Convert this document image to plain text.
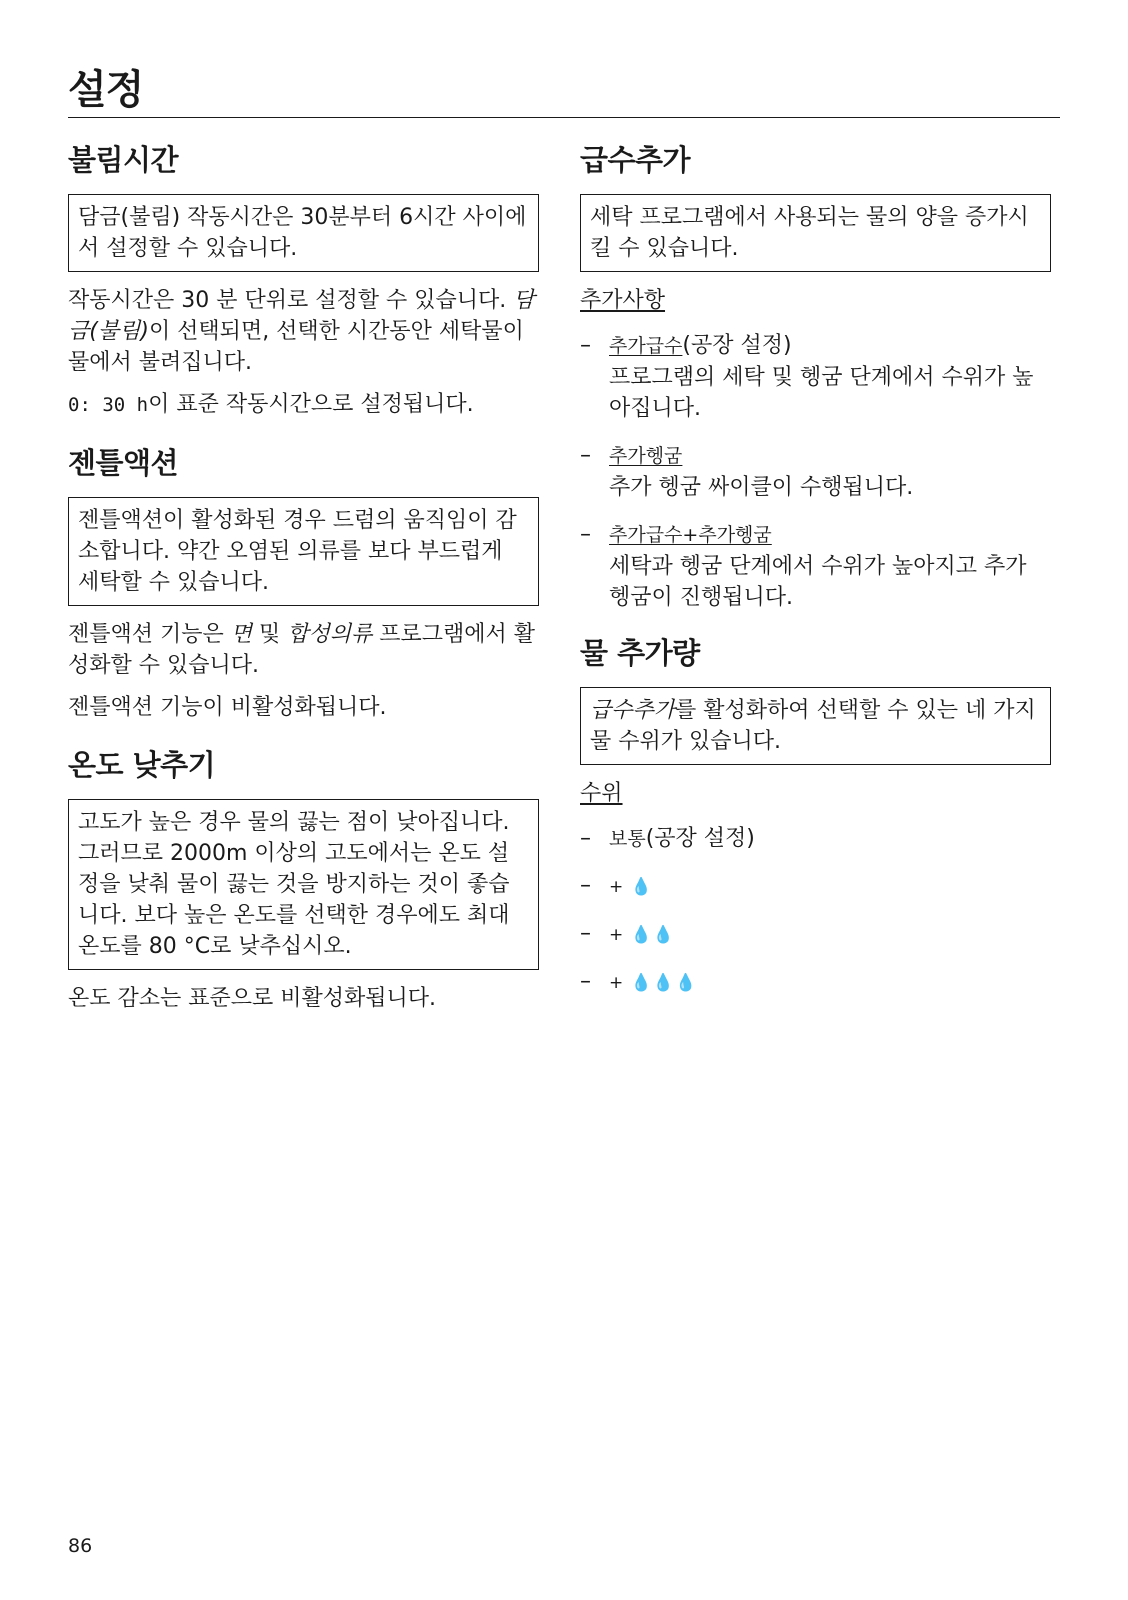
설정
불림시간
담금(불림) 작동시간은 30분부터 6시간 사이에서 설정할 수 있습니다.
작동시간은 30 분 단위로 설정할 수 있습니다. 담금(불림)이 선택되면, 선택한 시간동안 세탁물이 물에서 불려집니다.
0: 30 h이 표준 작동시간으로 설정됩니다.
젠틀액션
젠틀액션이 활성화된 경우 드럼의 움직임이 감소합니다. 약간 오염된 의류를 보다 부드럽게 세탁할 수 있습니다.
젠틀액션 기능은 면 및 합성의류 프로그램에서 활성화할 수 있습니다.
젠틀액션 기능이 비활성화됩니다.
온도 낮추기
고도가 높은 경우 물의 끓는 점이 낮아집니다. 그러므로 2000m 이상의 고도에서는 온도 설정을 낮춰 물이 끓는 것을 방지하는 것이 좋습니다. 보다 높은 온도를 선택한 경우에도 최대 온도를 80 °C로 낮추십시오.
온도 감소는 표준으로 비활성화됩니다.
급수추가
세탁 프로그램에서 사용되는 물의 양을 증가시킬 수 있습니다.
추가사항
– 추가급수(공장 설정)
프로그램의 세탁 및 헹굼 단계에서 수위가 높아집니다.
– 추가헹굼
추가 헹굼 싸이클이 수행됩니다.
– 추가급수+추가헹굼
세탁과 헹굼 단계에서 수위가 높아지고 추가 헹굼이 진행됩니다.
물 추가량
급수추가를 활성화하여 선택할 수 있는 네 가지 물 수위가 있습니다.
수위
– 보통(공장 설정)
– + 💧
– + 💧💧
– + 💧💧💧
86
